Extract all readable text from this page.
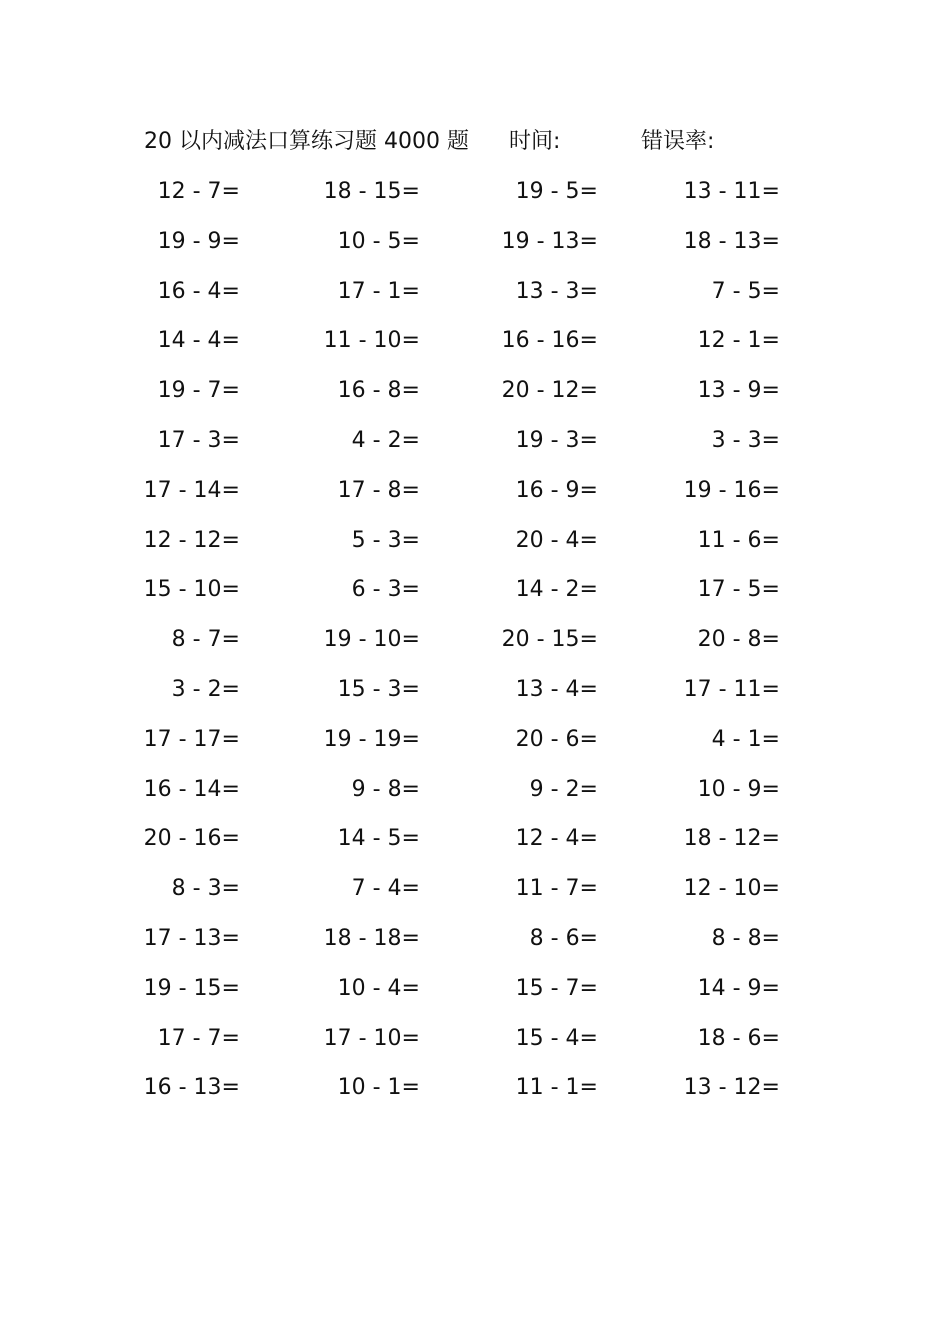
20 以内减法口算练习题 4000 题 时间:	错误率:
12 - 7=	18 - 15=	19 - 5=	13 - 11=
19 - 9=	10 - 5=	19 - 13=	18 - 13=
16 - 4=	17 - 1=	13 - 3=	7 - 5=
14 - 4=	11 - 10=	16 - 16=	12 - 1=
19 - 7=	16 - 8=	20 - 12=	13 - 9=
17 - 3=	4 - 2=	19 - 3=	3 - 3=
17 - 14=	17 - 8=	16 - 9=	19 - 16=
12 - 12=	5 - 3=	20 - 4=	11 - 6=
15 - 10=	6 - 3=	14 - 2=	17 - 5=
8 - 7=	19 - 10=	20 - 15=	20 - 8=
3 - 2=	15 - 3=	13 - 4=	17 - 11=
17 - 17=	19 - 19=	20 - 6=	4 - 1=
16 - 14=	9 - 8=	9 - 2=	10 - 9=
20 - 16=	14 - 5=	12 - 4=	18 - 12=
8 - 3=	7 - 4=	11 - 7=	12 - 10=
17 - 13=	18 - 18=	8 - 6=	8 - 8=
19 - 15=	10 - 4=	15 - 7=	14 - 9=
17 - 7=	17 - 10=	15 - 4=	18 - 6=
16 - 13=	10 - 1=	11 - 1=	13 - 12=
